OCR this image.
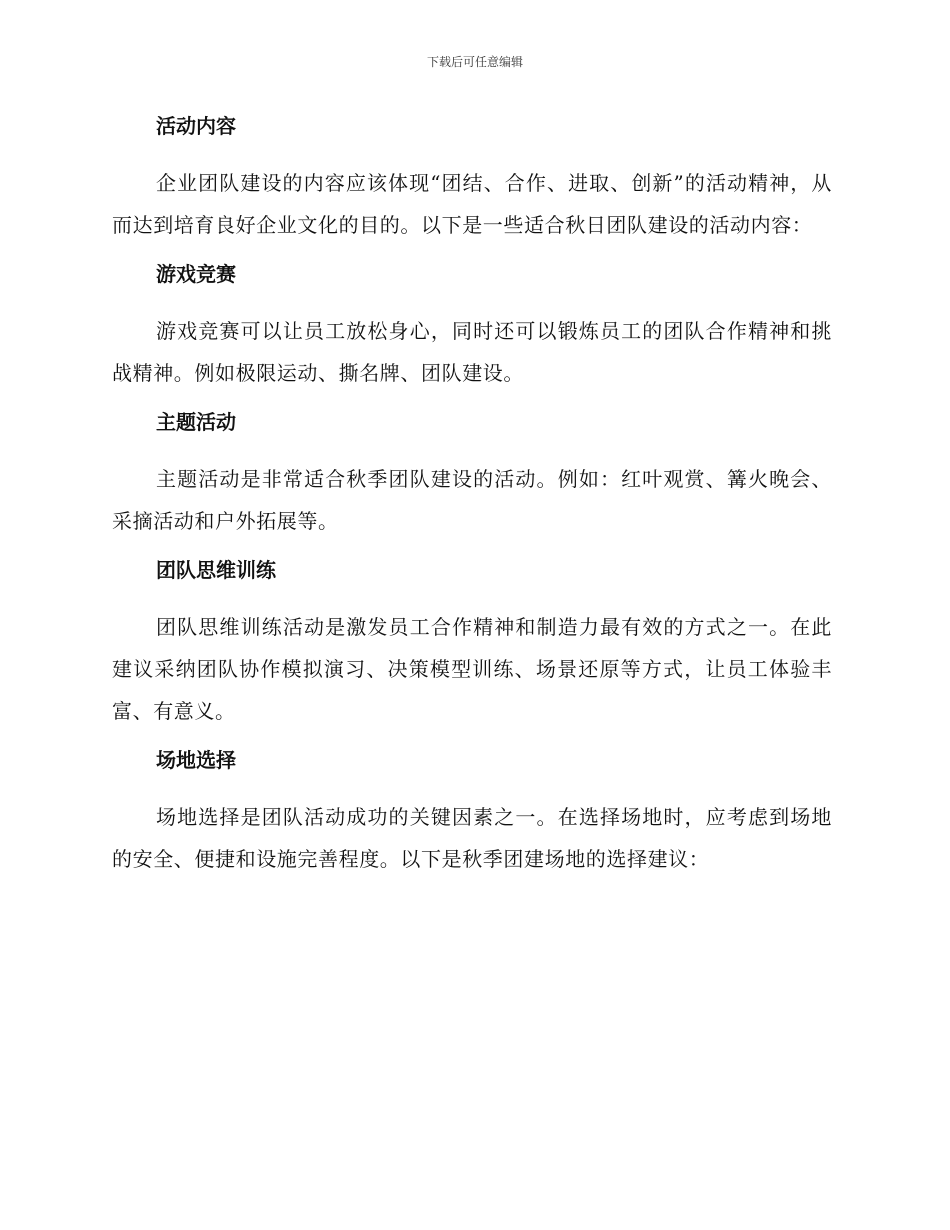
下载后可任意编辑
活动内容

企业团队建设的内容应该体现“团结、合作、进取、创新”的活动精神，从而达到培育良好企业文化的目的。以下是一些适合秋日团队建设的活动内容：

游戏竞赛

游戏竞赛可以让员工放松身心，同时还可以锻炼员工的团队合作精神和挑战精神。例如极限运动、撕名牌、团队建设。

主题活动

主题活动是非常适合秋季团队建设的活动。例如：红叶观赏、篝火晚会、采摘活动和户外拓展等。

团队思维训练

团队思维训练活动是激发员工合作精神和制造力最有效的方式之一。在此建议采纳团队协作模拟演习、决策模型训练、场景还原等方式，让员工体验丰富、有意义。

场地选择

场地选择是团队活动成功的关键因素之一。在选择场地时，应考虑到场地的安全、便捷和设施完善程度。以下是秋季团建场地的选择建议：
